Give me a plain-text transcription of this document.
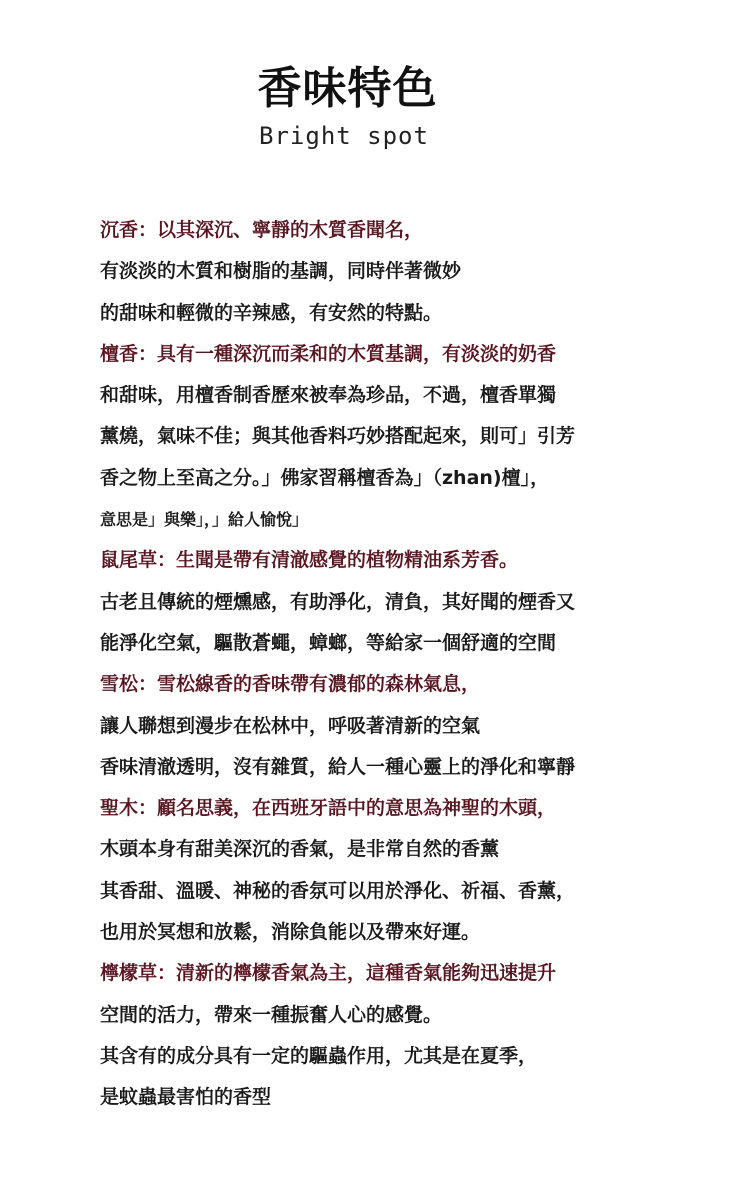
香味特色
Bright spot
沉香：以其深沉、寧靜的木質香聞名，
有淡淡的木質和樹脂的基調，同時伴著微妙
的甜味和輕微的辛辣感，有安然的特點。
檀香：具有一種深沉而柔和的木質基調，有淡淡的奶香
和甜味，用檀香制香歷來被奉為珍品，不過，檀香單獨
薰燒，氣味不佳；與其他香料巧妙搭配起來，則可」引芳
香之物上至高之分。」佛家習稱檀香為」（zhan)檀」，
意思是」與樂」，」給人愉悅」
鼠尾草：生聞是帶有清澈感覺的植物精油系芳香。
古老且傳統的煙燻感，有助淨化，清負，其好聞的煙香又
能淨化空氣，驅散蒼蠅，蟑螂，等給家一個舒適的空間
雪松：雪松線香的香味帶有濃郁的森林氣息，
讓人聯想到漫步在松林中，呼吸著清新的空氣
香味清澈透明，沒有雜質，給人一種心靈上的淨化和寧靜
聖木：顧名思義，在西班牙語中的意思為神聖的木頭，
木頭本身有甜美深沉的香氣，是非常自然的香薰
其香甜、溫暖、神秘的香氛可以用於淨化、祈福、香薰，
也用於冥想和放鬆，消除負能以及帶來好運。
檸檬草：清新的檸檬香氣為主，這種香氣能夠迅速提升
空間的活力，帶來一種振奮人心的感覺。
其含有的成分具有一定的驅蟲作用，尤其是在夏季，
是蚊蟲最害怕的香型
